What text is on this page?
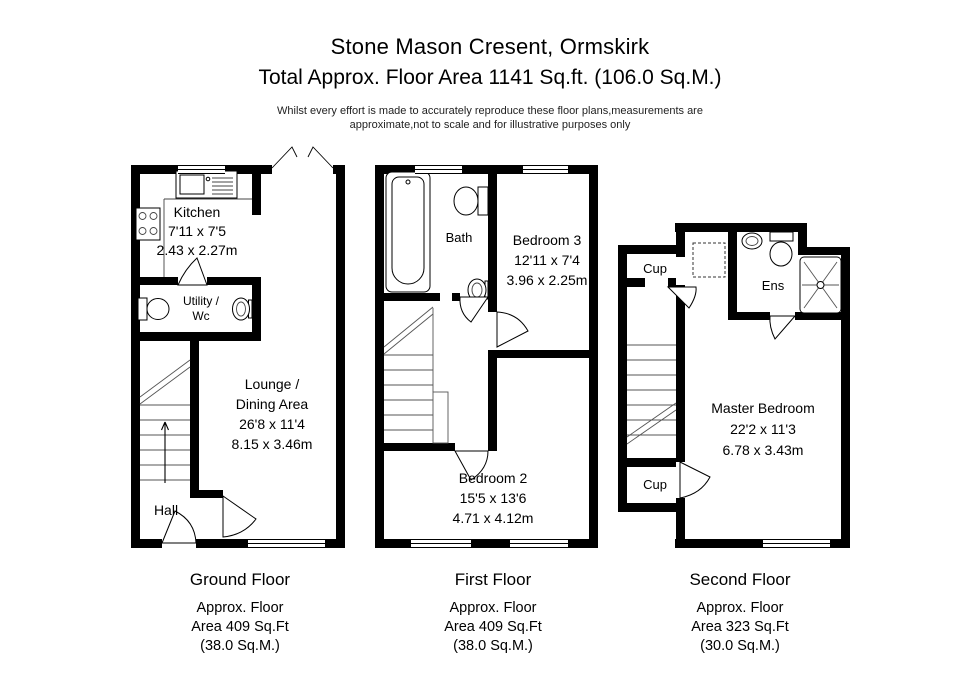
Stone Mason Cresent, Ormskirk
Total Approx. Floor Area 1141 Sq.ft. (106.0 Sq.M.)
Whilst every effort is made to accurately reproduce these floor plans,measurements are
approximate,not to scale and for illustrative purposes only
Kitchen
7'11 x 7'5
2.43 x 2.27m
Utility /
Wc
Lounge /
Dining Area
26'8 x 11'4
8.15 x 3.46m
Hall
Bath	Bedroom 3
12'11 x 7'4
3.96 x 2.25m
Bedroom 2
15'5 x 13'6
4.71 x 4.12m
Cup
Ens
Master Bedroom
22'2 x 11'3
6.78 x 3.43m
Cup
Ground Floor
Approx. Floor
Area 409 Sq.Ft
(38.0 Sq.M.)
First Floor
Approx. Floor
Area 409 Sq.Ft
(38.0 Sq.M.)
Second Floor
Approx. Floor
Area 323 Sq.Ft
(30.0 Sq.M.)
